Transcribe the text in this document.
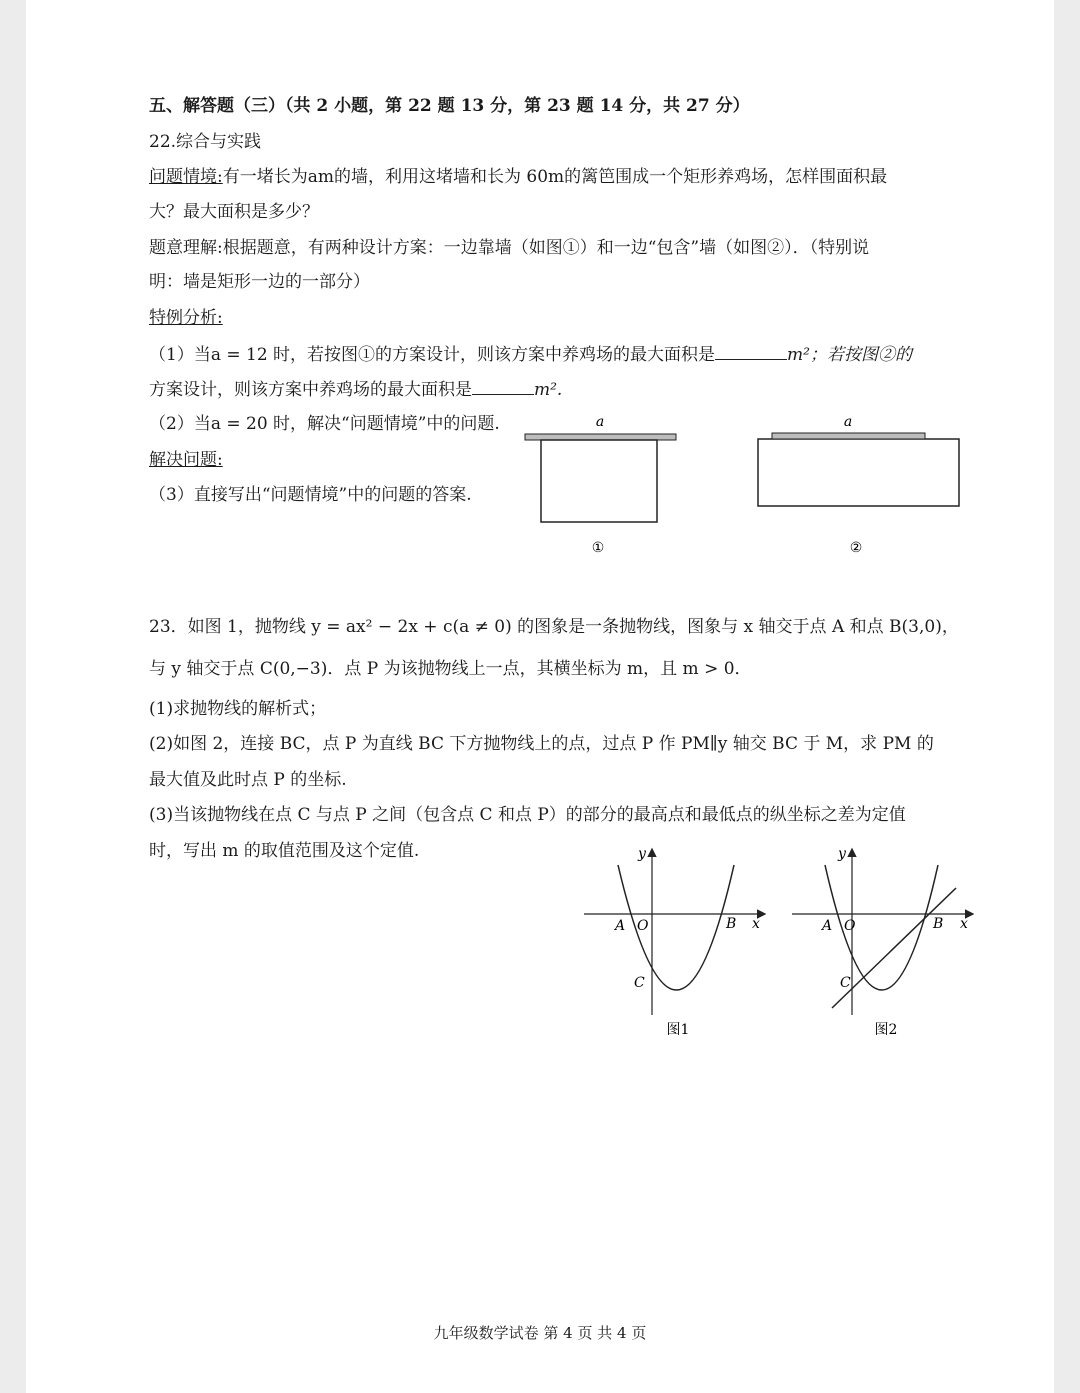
五、解答题（三）（共 2 小题，第 22 题 13 分，第 23 题 14 分，共 27 分）
22.综合与实践
问题情境:有一堵长为am的墙，利用这堵墙和长为 60m的篱笆围成一个矩形养鸡场，怎样围面积最
大？最大面积是多少？
题意理解:根据题意，有两种设计方案：一边靠墙（如图①）和一边“包含”墙（如图②）．（特别说
明：墙是矩形一边的一部分）
特例分析:
（1）当a = 12 时，若按图①的方案设计，则该方案中养鸡场的最大面积是	m²；若按图②的
方案设计，则该方案中养鸡场的最大面积是	m².
（2）当a = 20 时，解决“问题情境”中的问题.
解决问题:
（3）直接写出“问题情境”中的问题的答案.
a
①
a
②
23．如图 1，抛物线 y = ax² − 2x + c(a ≠ 0) 的图象是一条抛物线，图象与 x 轴交于点 A 和点 B(3,0)，
与 y 轴交于点 C(0,−3)．点 P 为该抛物线上一点，其横坐标为 m，且 m > 0．
(1)求抛物线的解析式；
(2)如图 2，连接 BC，点 P 为直线 BC 下方抛物线上的点，过点 P 作 PM∥y 轴交 BC 于 M，求 PM 的
最大值及此时点 P 的坐标.
(3)当该抛物线在点 C 与点 P 之间（包含点 C 和点 P）的部分的最高点和最低点的纵坐标之差为定值
时，写出 m 的取值范围及这个定值.	y
x
A O	B
C
图1
y
x
A O	B
C
图2
九年级数学试卷 第 4 页 共 4 页
